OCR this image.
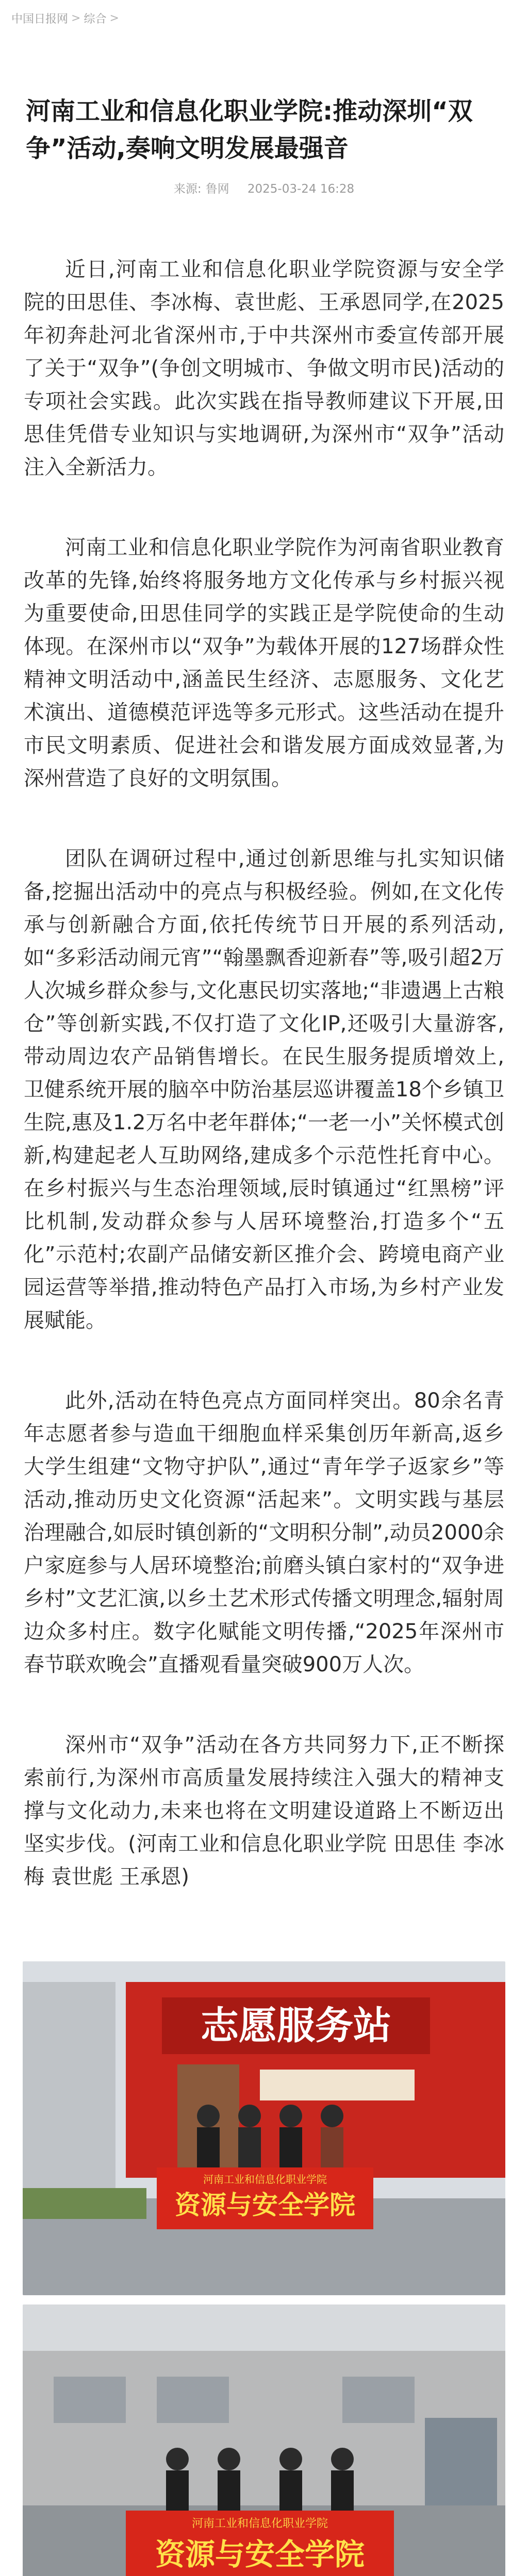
中国日报网 > 综合 >
河南工业和信息化职业学院:推动深圳“双争”活动,奏响文明发展最强音
来源: 鲁网 2025-03-24 16:28

近日,河南工业和信息化职业学院资源与安全学院的田思佳、李冰梅、袁世彪、王承恩同学,在2025年初奔赴河北省深州市,于中共深州市委宣传部开展了关于“双争”(争创文明城市、争做文明市民)活动的专项社会实践。此次实践在指导教师建议下开展,田思佳凭借专业知识与实地调研,为深州市“双争”活动注入全新活力。

河南工业和信息化职业学院作为河南省职业教育改革的先锋,始终将服务地方文化传承与乡村振兴视为重要使命,田思佳同学的实践正是学院使命的生动体现。在深州市以“双争”为载体开展的127场群众性精神文明活动中,涵盖民生经济、志愿服务、文化艺术演出、道德模范评选等多元形式。这些活动在提升市民文明素质、促进社会和谐发展方面成效显著,为深州营造了良好的文明氛围。

团队在调研过程中,通过创新思维与扎实知识储备,挖掘出活动中的亮点与积极经验。例如,在文化传承与创新融合方面,依托传统节日开展的系列活动,如“多彩活动闹元宵”“翰墨飘香迎新春”等,吸引超2万人次城乡群众参与,文化惠民切实落地;“非遗遇上古粮仓”等创新实践,不仅打造了文化IP,还吸引大量游客,带动周边农产品销售增长。在民生服务提质增效上,卫健系统开展的脑卒中防治基层巡讲覆盖18个乡镇卫生院,惠及1.2万名中老年群体;“一老一小”关怀模式创新,构建起老人互助网络,建成多个示范性托育中心。在乡村振兴与生态治理领域,辰时镇通过“红黑榜”评比机制,发动群众参与人居环境整治,打造多个“五化”示范村;农副产品储安新区推介会、跨境电商产业园运营等举措,推动特色产品打入市场,为乡村产业发展赋能。

此外,活动在特色亮点方面同样突出。80余名青年志愿者参与造血干细胞血样采集创历年新高,返乡大学生组建“文物守护队”,通过“青年学子返家乡”等活动,推动历史文化资源“活起来”。文明实践与基层治理融合,如辰时镇创新的“文明积分制”,动员2000余户家庭参与人居环境整治;前磨头镇白家村的“双争进乡村”文艺汇演,以乡土艺术形式传播文明理念,辐射周边众多村庄。数字化赋能文明传播,“2025年深州市春节联欢晚会”直播观看量突破900万人次。

深州市“双争”活动在各方共同努力下,正不断探索前行,为深州市高质量发展持续注入强大的精神支撑与文化动力,未来也将在文明建设道路上不断迈出坚实步伐。(河南工业和信息化职业学院 田思佳 李冰梅 袁世彪 王承恩)

志愿服务站
河南工业和信息化职业学院
资源与安全学院
河南工业和信息化职业学院
资源与安全学院
